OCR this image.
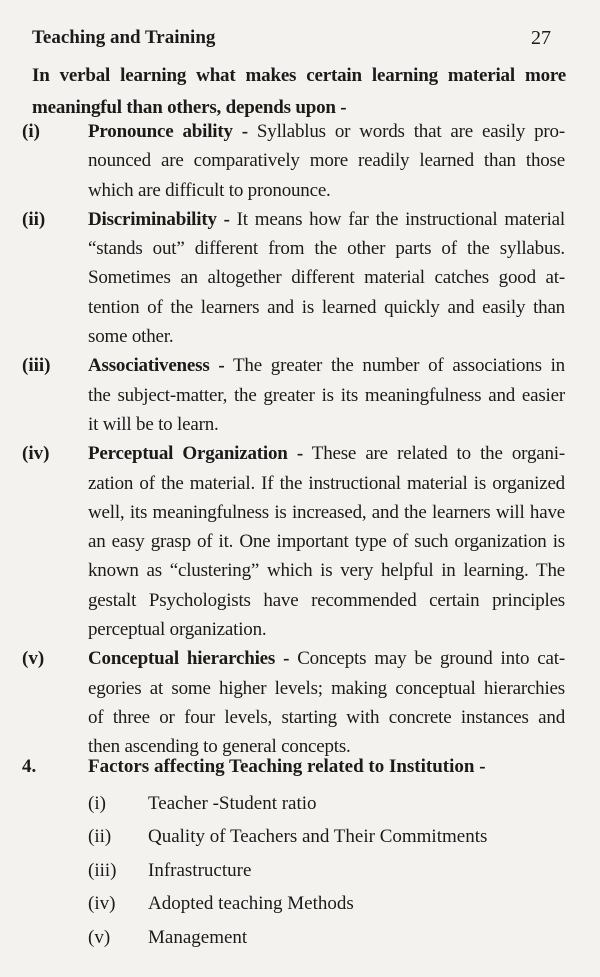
Teaching and Training	27
In verbal learning what makes certain learning material more
meaningful than others, depends upon -
(i)	Pronounce ability - Syllablus or words that are easily pro-
nounced are comparatively more readily learned than those
which are difficult to pronounce.
(ii) Discriminability - It means how far the instructional material
“stands out” different from the other parts of the syllabus.
Sometimes an altogether different material catches good at-
tention of the learners and is learned quickly and easily than
some other.
(iii) Associativeness - The greater the number of associations in
the subject-matter, the greater is its meaningfulness and easier
it will be to learn.
(iv) Perceptual Organization - These are related to the organi-
zation of the material. If the instructional material is organized
well, its meaningfulness is increased, and the learners will have
an easy grasp of it. One important type of such organization is
known as “clustering” which is very helpful in learning. The
gestalt Psychologists have recommended certain principles
perceptual organization.
(v) Conceptual hierarchies - Concepts may be ground into cat-
egories at some higher levels; making conceptual hierarchies
of three or four levels, starting with concrete instances and
then ascending to general concepts.
4.	Factors affecting Teaching related to Institution -
(i) Teacher -Student ratio
(ii) Quality of Teachers and Their Commitments
(iii) Infrastructure
(iv) Adopted teaching Methods
(v) Management
